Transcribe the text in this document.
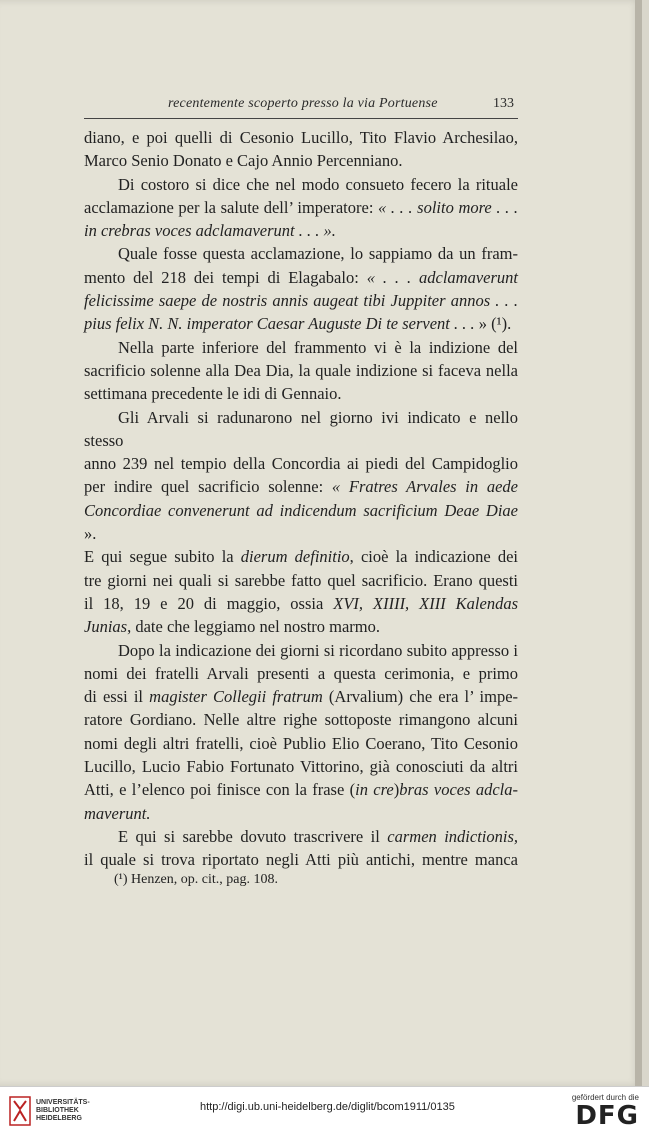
recentemente scoperto presso la via Portuense	133

diano, e poi quelli di Cesonio Lucillo, Tito Flavio Archesilao,

Marco Senio Donato e Cajo Annio Percenniano.

Di costoro si dice che nel modo consueto fecero la rituale

acclamazione per la salute dell’ imperatore: « . . . solito more . . .

in crebras voces adclamaverunt . . . ».

Quale fosse questa acclamazione, lo sappiamo da un fram-

mento del 218 dei tempi di Elagabalo: « . . . adclamaverunt

felicissime saepe de nostris annis augeat tibi Juppiter annos . . .

pius felix N. N. imperator Caesar Auguste Di te servent . . . » (¹).

Nella parte inferiore del frammento vi è la indizione del

sacrificio solenne alla Dea Dia, la quale indizione si faceva nella

settimana precedente le idi di Gennaio.

Gli Arvali si radunarono nel giorno ivi indicato e nello stesso

anno 239 nel tempio della Concordia ai piedi del Campidoglio

per indire quel sacrificio solenne: « Fratres Arvales in aede

Concordiae convenerunt ad indicendum sacrificium Deae Diae ».

E qui segue subito la dierum definitio, cioè la indicazione dei

tre giorni nei quali si sarebbe fatto quel sacrificio. Erano questi

il 18, 19 e 20 di maggio, ossia XVI, XIIII, XIII Kalendas

Junias, date che leggiamo nel nostro marmo.

Dopo la indicazione dei giorni si ricordano subito appresso i

nomi dei fratelli Arvali presenti a questa cerimonia, e primo

di essi il magister Collegii fratrum (Arvalium) che era l’ impe-

ratore Gordiano. Nelle altre righe sottoposte rimangono alcuni

nomi degli altri fratelli, cioè Publio Elio Coerano, Tito Cesonio

Lucillo, Lucio Fabio Fortunato Vittorino, già conosciuti da altri

Atti, e l’elenco poi finisce con la frase (in cre)bras voces adcla-

maverunt.

E qui si sarebbe dovuto trascrivere il carmen indictionis,

il quale si trova riportato negli Atti più antichi, mentre manca

(¹) Henzen, op. cit., pag. 108.
UNIVERSITÄTS-
BIBLIOTHEK
HEIDELBERG
http://digi.ub.uni-heidelberg.de/diglit/bcom1911/0135
gefördert durch die
DFG
